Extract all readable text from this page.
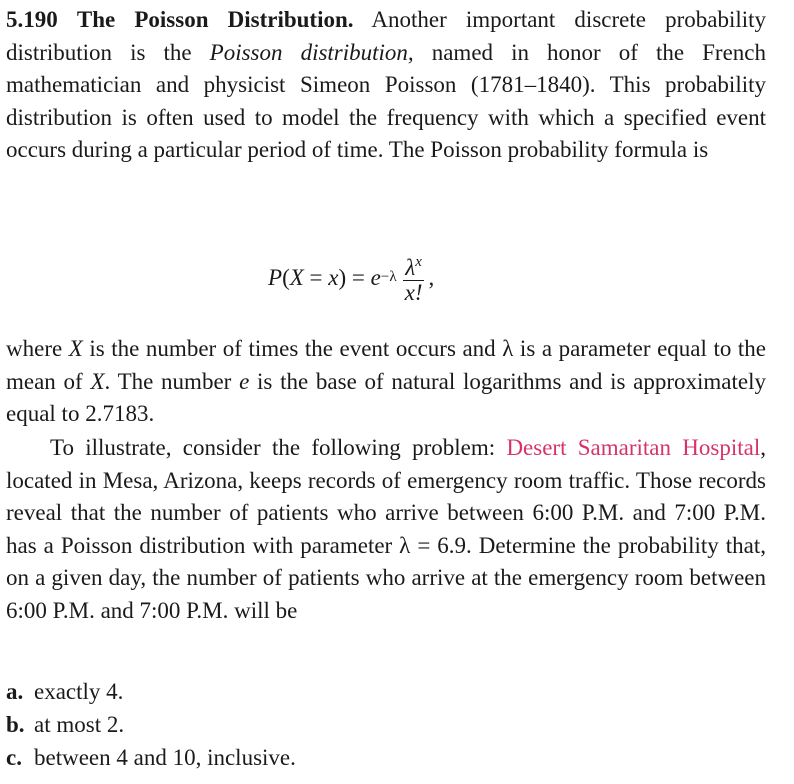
5.190 The Poisson Distribution. Another important discrete probability distribution is the Poisson distribution, named in honor of the French mathematician and physicist Simeon Poisson (1781–1840). This probability distribution is often used to model the frequency with which a specified event occurs during a particular period of time. The Poisson probability formula is

P ( X = x ) = $e -\lambda \frac{\lambda^x}{x!}$ ,

where X is the number of times the event occurs and λ is a parameter equal to the mean of X. The number e is the base of natural logarithms and is approximately equal to 2.7183.

To illustrate, consider the following problem: Desert Samaritan Hospital, located in Mesa, Arizona, keeps records of emergency room traffic. Those records reveal that the number of patients who arrive between 6:00 P.M. and 7:00 P.M. has a Poisson distribution with parameter λ = 6.9. Determine the probability that, on a given day, the number of patients who arrive at the emergency room between 6:00 P.M. and 7:00 P.M. will be

a. exactly 4.
b. at most 2.
c. between 4 and 10, inclusive.
